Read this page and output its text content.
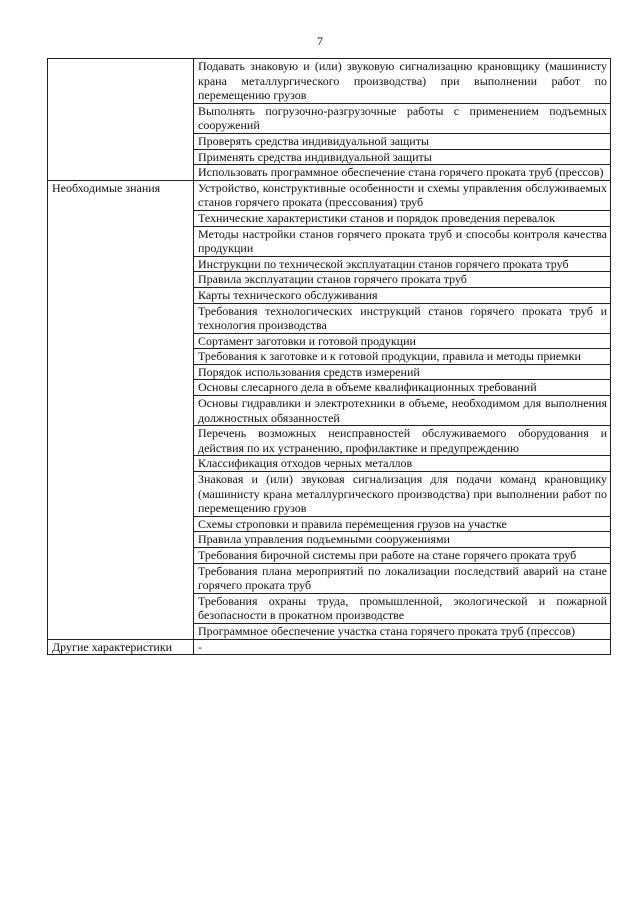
7
	Подавать знаковую и (или) звуковую сигнализацию крановщику (машинисту крана металлургического производства) при выполнении работ по перемещению грузов
	Выполнять погрузочно-разгрузочные работы с применением подъемных сооружений
	Проверять средства индивидуальной защиты
	Применять средства индивидуальной защиты
	Использовать программное обеспечение стана горячего проката труб (прессов)
Необходимые знания	Устройство, конструктивные особенности и схемы управления обслуживаемых станов горячего проката (прессования) труб
	Технические характеристики станов и порядок проведения перевалок
	Методы настройки станов горячего проката труб и способы контроля качества продукции
	Инструкции по технической эксплуатации станов горячего проката труб
	Правила эксплуатации станов горячего проката труб
	Карты технического обслуживания
	Требования технологических инструкций станов горячего проката труб и технология производства
	Сортамент заготовки и готовой продукции
	Требования к заготовке и к готовой продукции, правила и методы приемки
	Порядок использования средств измерений
	Основы слесарного дела в объеме квалификационных требований
	Основы гидравлики и электротехники в объеме, необходимом для выполнения должностных обязанностей
	Перечень возможных неисправностей обслуживаемого оборудования и действия по их устранению, профилактике и предупреждению
	Классификация отходов черных металлов
	Знаковая и (или) звуковая сигнализация для подачи команд крановщику (машинисту крана металлургического производства) при выполнении работ по перемещению грузов
	Схемы строповки и правила перемещения грузов на участке
	Правила управления подъемными сооружениями
	Требования бирочной системы при работе на стане горячего проката труб
	Требования плана мероприятий по локализации последствий аварий на стане горячего проката труб
	Требования охраны труда, промышленной, экологической и пожарной безопасности в прокатном производстве
	Программное обеспечение участка стана горячего проката труб (прессов)
Другие характеристики	-
